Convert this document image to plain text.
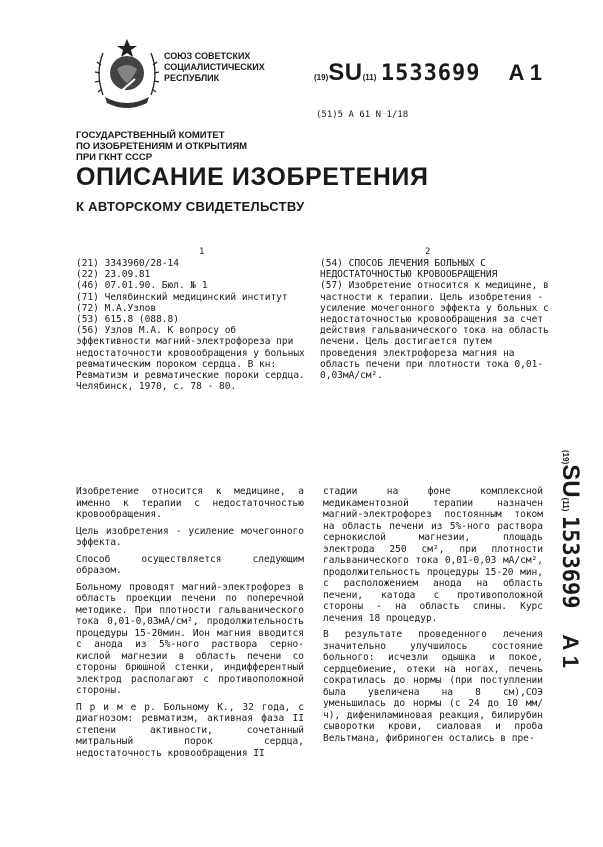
СОЮЗ СОВЕТСКИХ
СОЦИАЛИСТИЧЕСКИХ
РЕСПУБЛИК	(19)SU(11) 1533699 A 1
(51)5 A 61 N 1/18
ГОСУДАРСТВЕННЫЙ КОМИТЕТ
ПО ИЗОБРЕТЕНИЯМ И ОТКРЫТИЯМ
ПРИ ГКНТ СССР
ОПИСАНИЕ ИЗОБРЕТЕНИЯ
К АВТОРСКОМУ СВИДЕТЕЛЬСТВУ
1	2

(21) 3343960/28-14

(22) 23.09.81

(46) 07.01.90. Бюл. № 1

(71) Челябинский медицинский институт

(72) М.А.Узлов

(53) 615.8 (088.8)

(56) Узлов М.А. К вопросу об эффективности магний-электрофореза при недостаточности кровообращения у больных ревматическим пороком сердца. В кн: Ревматизм и ревматические пороки сердца. Челябинск, 1970, с. 78 - 80.

(54) СПОСОБ ЛЕЧЕНИЯ БОЛЬНЫХ С НЕДОСТАТОЧНОСТЬЮ КРОВООБРАЩЕНИЯ

(57) Изобретение относится к медицине, в частности к терапии. Цель изобретения - усиление мочегонного эффекта у больных с недостаточностью кровообращения за счет действия гальванического тока на область печени. Цель достигается путем проведения электрофореза магния на область печени при плотности тока 0,01-0,03мА/см².

Изобретение относится к медицине, а именно к терапии с недостаточностью кровообращения.

Цель изобретения - усиление мочегонного эффекта.

Способ осуществляется следующим образом.

Больному проводят магний-электрофорез в область проекции печени по поперечной методике. При плотности гальванического тока 0,01-0,03мА/см², продолжительность процедуры 15-20мин. Ион магния вводится с анода из 5%-ного раствора серно-кислой магнезии в область печени со стороны брюшной стенки, индифферентный электрод располагают с противоположной стороны.

П р и м е р. Больному К., 32 года, с диагнозом: ревматизм, активная фаза II степени активности, сочетанный митральный порок сердца, недостаточность кровообращения II

стадии на фоне комплексной медикаментозной терапии назначен магний-электрофорез постоянным током на область печени из 5%-ного раствора сернокислой магнезии, площадь электрода 250 см², при плотности гальванического тока 0,01-0,03 мА/см², продолжительность процедуры 15-20 мин, с расположением анода на область печени, катода с противоположной стороны - на область спины. Курс лечения 18 процедур.

В результате проведенного лечения значительно улучшилось состояние больного: исчезли одышка и покое, сердцебиение, отеки на ногах, печень сократилась до нормы (при поступлении была увеличена на 8 см),СОЭ уменьшилась до нормы (с 24 до 10 мм/ч), дифениламиновая реакция, билирубин сыворотки крови, сиаловая и проба Вельтмана, фибриноген остались в пре-

(19)SU(11) 1533699A 1
